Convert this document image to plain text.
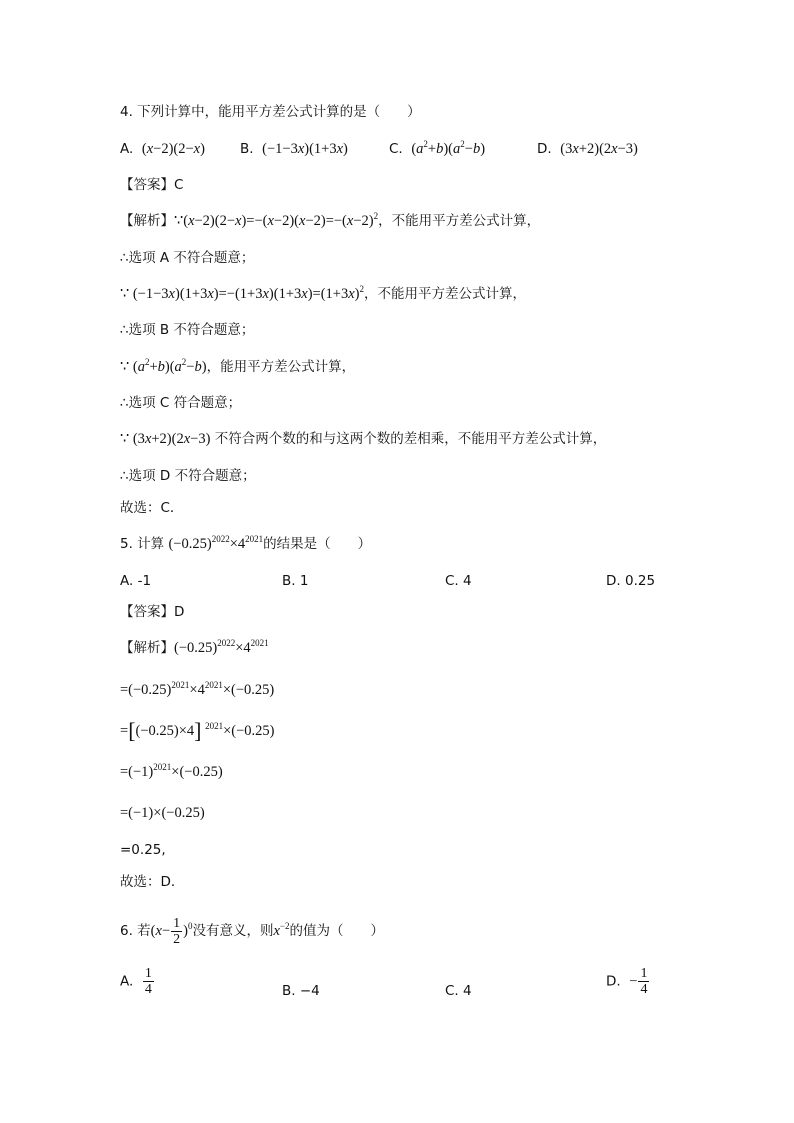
4. 下列计算中，能用平方差公式计算的是（　　）
A.  (x−2)(2−x)	B.  (−1−3x)(1+3x)	C.  $(a^2+b)(a^2-b)$	D.  (3x+2)(2x−3)
【答案】C
【解析】$\because(x-2)(2-x)=-(x-2)(x-2)=-(x-2)^2$，不能用平方差公式计算，
∴选项 A 不符合题意；
∵ $(-1-3x)(1+3x)=-(1+3x)(1+3x)=(1+3x)^2$，不能用平方差公式计算，
∴选项 B 不符合题意；
∵ $(a^2+b)(a^2-b)$，能用平方差公式计算，
∴选项 C 符合题意；
∵ (3x+2)(2x−3) 不符合两个数的和与这两个数的差相乘，不能用平方差公式计算，
∴选项 D 不符合题意；
故选：C．
5. 计算 $(-0.25)^{2022}\times 4^{2021}$的结果是（　　）
A. -1	B. 1	C. 4	D. 0.25
【答案】D
【解析】$(-0.25)^{2022}\times 4^{2021}$
$=(-0.25)^{2021}\times 4^{2021}\times(-0.25)$
=[(−0.25)×4] $^{2021}$×(−0.25)
$=(-1)^{2021}\times(-0.25)$
=(−1)×(−0.25)
=0.25,
故选：D．
6. 若$(x- \frac{1}{2} )^0$没有意义，则$x^{-2}$的值为（　　）
A. $\frac{1}{4}$	B. −4	C. 4
D.  − $\frac{1}{4}$
